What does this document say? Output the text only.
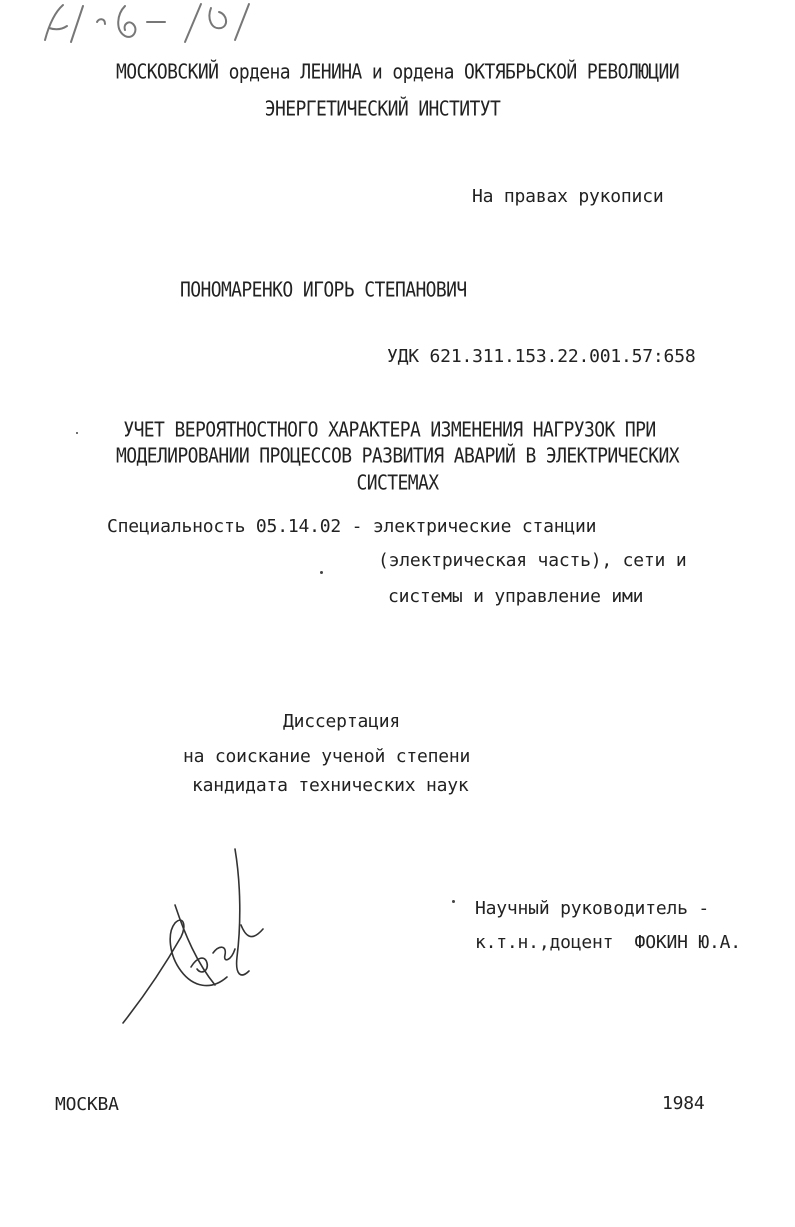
МОСКОВСКИЙ ордена ЛЕНИНА и ордена ОКТЯБРЬСКОЙ РЕВОЛЮЦИИ
ЭНЕРГЕТИЧЕСКИЙ ИНСТИТУТ
На правах рукописи
ПОНОМАРЕНКО ИГОРЬ СТЕПАНОВИЧ
УДК 621.311.153.22.001.57:658
УЧЕТ ВЕРОЯТНОСТНОГО ХАРАКТЕРА ИЗМЕНЕНИЯ НАГРУЗОК ПРИ
МОДЕЛИРОВАНИИ ПРОЦЕССОВ РАЗВИТИЯ АВАРИЙ В ЭЛЕКТРИЧЕСКИХ
СИСТЕМАХ
Специальность 05.14.02 - электрические станции
(электрическая часть), сети и
системы и управление ими
Диссертация
на соискание ученой степени
кандидата технических наук
Научный руководитель -
к.т.н.,доцент  ФОКИН Ю.А.
МОСКВА	1984
